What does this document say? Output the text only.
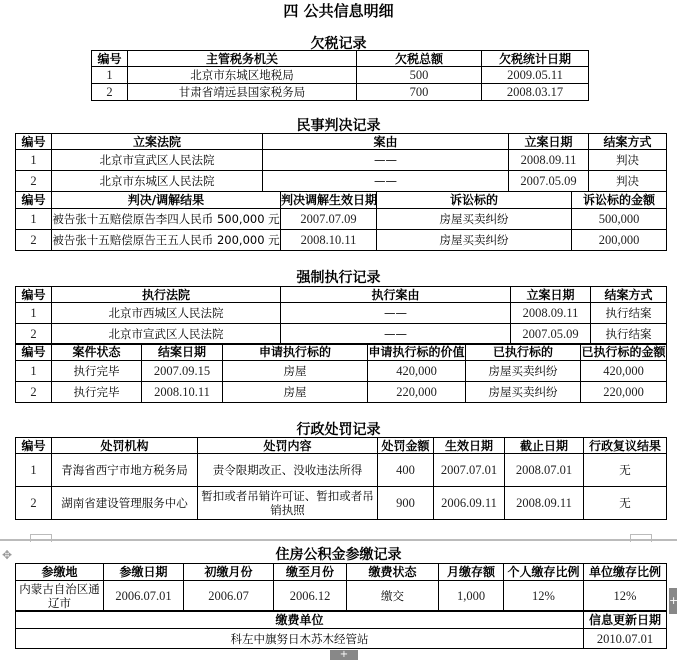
四 公共信息明细
欠税记录
编号	主管税务机关	欠税总额	欠税统计日期
1	北京市东城区地税局	500	2009.05.11
2	甘肃省靖远县国家税务局	700	2008.03.17
民事判决记录
编号	立案法院	案由	立案日期	结案方式
1	北京市宣武区人民法院	——	2008.09.11	判决
2	北京市东城区人民法院	——	2007.05.09	判决
编号	判决/调解结果	判决调解生效日期	诉讼标的	诉讼标的金额
1	被告张十五赔偿原告李四人民币 500,000 元	2007.07.09	房屋买卖纠纷	500,000
2	被告张十五赔偿原告王五人民币 200,000 元	2008.10.11	房屋买卖纠纷	200,000
强制执行记录
编号	执行法院	执行案由	立案日期	结案方式
1	北京市西城区人民法院	——	2008.09.11	执行结案
2	北京市宣武区人民法院	——	2007.05.09	执行结案
编号	案件状态	结案日期	申请执行标的	申请执行标的价值	已执行标的	已执行标的金额
1	执行完毕	2007.09.15	房屋	420,000	房屋买卖纠纷	420,000
2	执行完毕	2008.10.11	房屋	220,000	房屋买卖纠纷	220,000
行政处罚记录
编号	处罚机构	处罚内容	处罚金额	生效日期	截止日期	行政复议结果
1	青海省西宁市地方税务局	责令限期改正、没收违法所得	400	2007.07.01	2008.07.01	无
2	湖南省建设管理服务中心	暂扣或者吊销许可证、暂扣或者吊销执照	900	2006.09.11	2008.09.11	无
✥	住房公积金参缴记录
参缴地	参缴日期	初缴月份	缴至月份	缴费状态	月缴存额	个人缴存比例	单位缴存比例
内蒙古自治区通辽市	2006.07.01	2006.07	2006.12	缴交	1,000	12%	12%
缴费单位	信息更新日期
科左中旗努日木苏木经管站	2010.07.01
+
+
